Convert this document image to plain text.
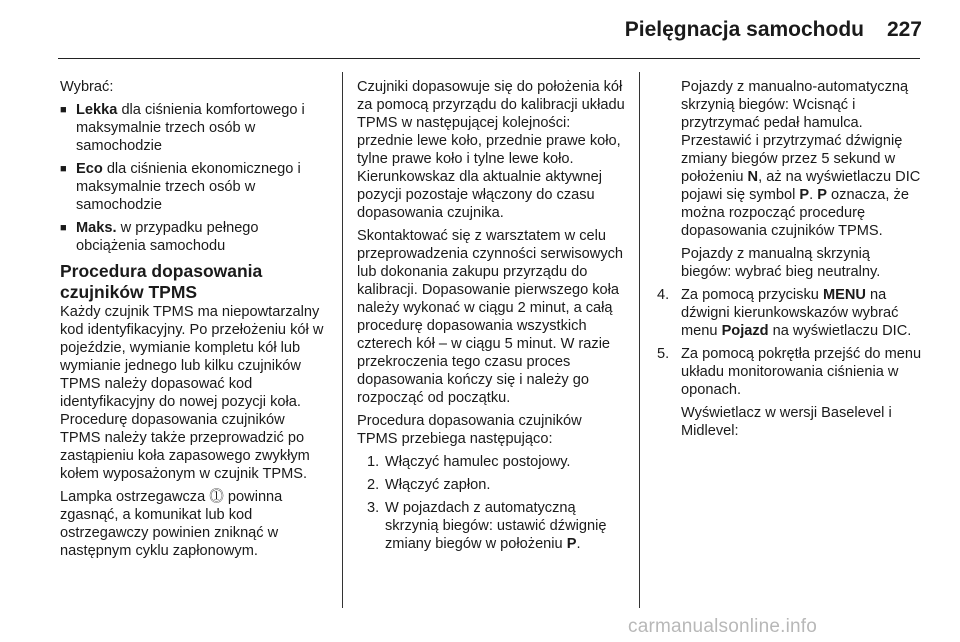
Pielęgnacja samochodu 227

Wybrać:

■ Lekka dla ciśnienia komfortowego i maksymalnie trzech osób w samochodzie
■ Eco dla ciśnienia ekonomicznego i maksymalnie trzech osób w samochodzie
■ Maks. w przypadku pełnego obciążenia samochodu
Procedura dopasowania czujników TPMS

Każdy czujnik TPMS ma niepowtarzalny kod identyfikacyjny. Po przełożeniu kół w pojeździe, wymianie kompletu kół lub wymianie jednego lub kilku czujników TPMS należy dopasować kod identyfikacyjny do nowej pozycji koła. Procedurę dopasowania czujników TPMS należy także przeprowadzić po zastąpieniu koła zapasowego zwykłym kołem wyposażonym w czujnik TPMS.

Lampka ostrzegawcza ⓵ powinna zgasnąć, a komunikat lub kod ostrzegawczy powinien zniknąć w następnym cyklu zapłonowym.

Czujniki dopasowuje się do położenia kół za pomocą przyrządu do kalibracji układu TPMS w następującej kolejności: przednie lewe koło, przednie prawe koło, tylne prawe koło i tylne lewe koło. Kierunkowskaz dla aktualnie aktywnej pozycji pozostaje włączony do czasu dopasowania czujnika.

Skontaktować się z warsztatem w celu przeprowadzenia czynności serwisowych lub dokonania zakupu przyrządu do kalibracji. Dopasowanie pierwszego koła należy wykonać w ciągu 2 minut, a całą procedurę dopasowania wszystkich czterech kół – w ciągu 5 minut. W razie przekroczenia tego czasu proces dopasowania kończy się i należy go rozpocząć od początku.

Procedura dopasowania czujników TPMS przebiega następująco:

1. Włączyć hamulec postojowy.
2. Włączyć zapłon.
3. W pojazdach z automatyczną skrzynią biegów: ustawić dźwignię zmiany biegów w położeniu P.

Pojazdy z manualno-automatyczną skrzynią biegów: Wcisnąć i przytrzymać pedał hamulca. Przestawić i przytrzymać dźwignię zmiany biegów przez 5 sekund w położeniu N, aż na wyświetlaczu DIC pojawi się symbol P. P oznacza, że można rozpocząć procedurę dopasowania czujników TPMS.

Pojazdy z manualną skrzynią biegów: wybrać bieg neutralny.

4. Za pomocą przycisku MENU na dźwigni kierunkowskazów wybrać menu Pojazd na wyświetlaczu DIC.
5. Za pomocą pokrętła przejść do menu układu monitorowania ciśnienia w oponach.

Wyświetlacz w wersji Baselevel i Midlevel:

carmanualsonline.info
